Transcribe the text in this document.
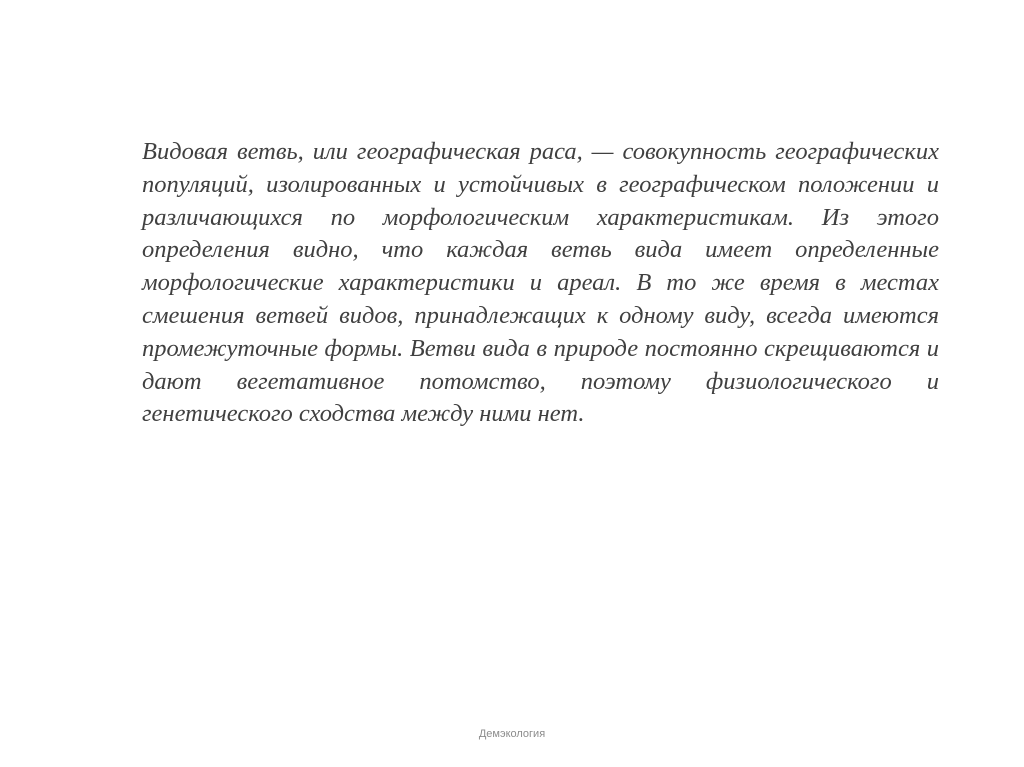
Видовая ветвь, или географическая раса, — совокупность географических популяций, изолированных и устойчивых в географическом положении и различающихся по морфологическим характеристикам. Из этого определения видно, что каждая ветвь вида имеет определенные морфологические характеристики и ареал. В то же время в местах смешения ветвей видов, принадлежащих к одному виду, всегда имеются промежуточные формы. Ветви вида в природе постоянно скрещиваются и дают вегетативное потомство, поэтому физиологического и генетического сходства между ними нет.

Демэкология
